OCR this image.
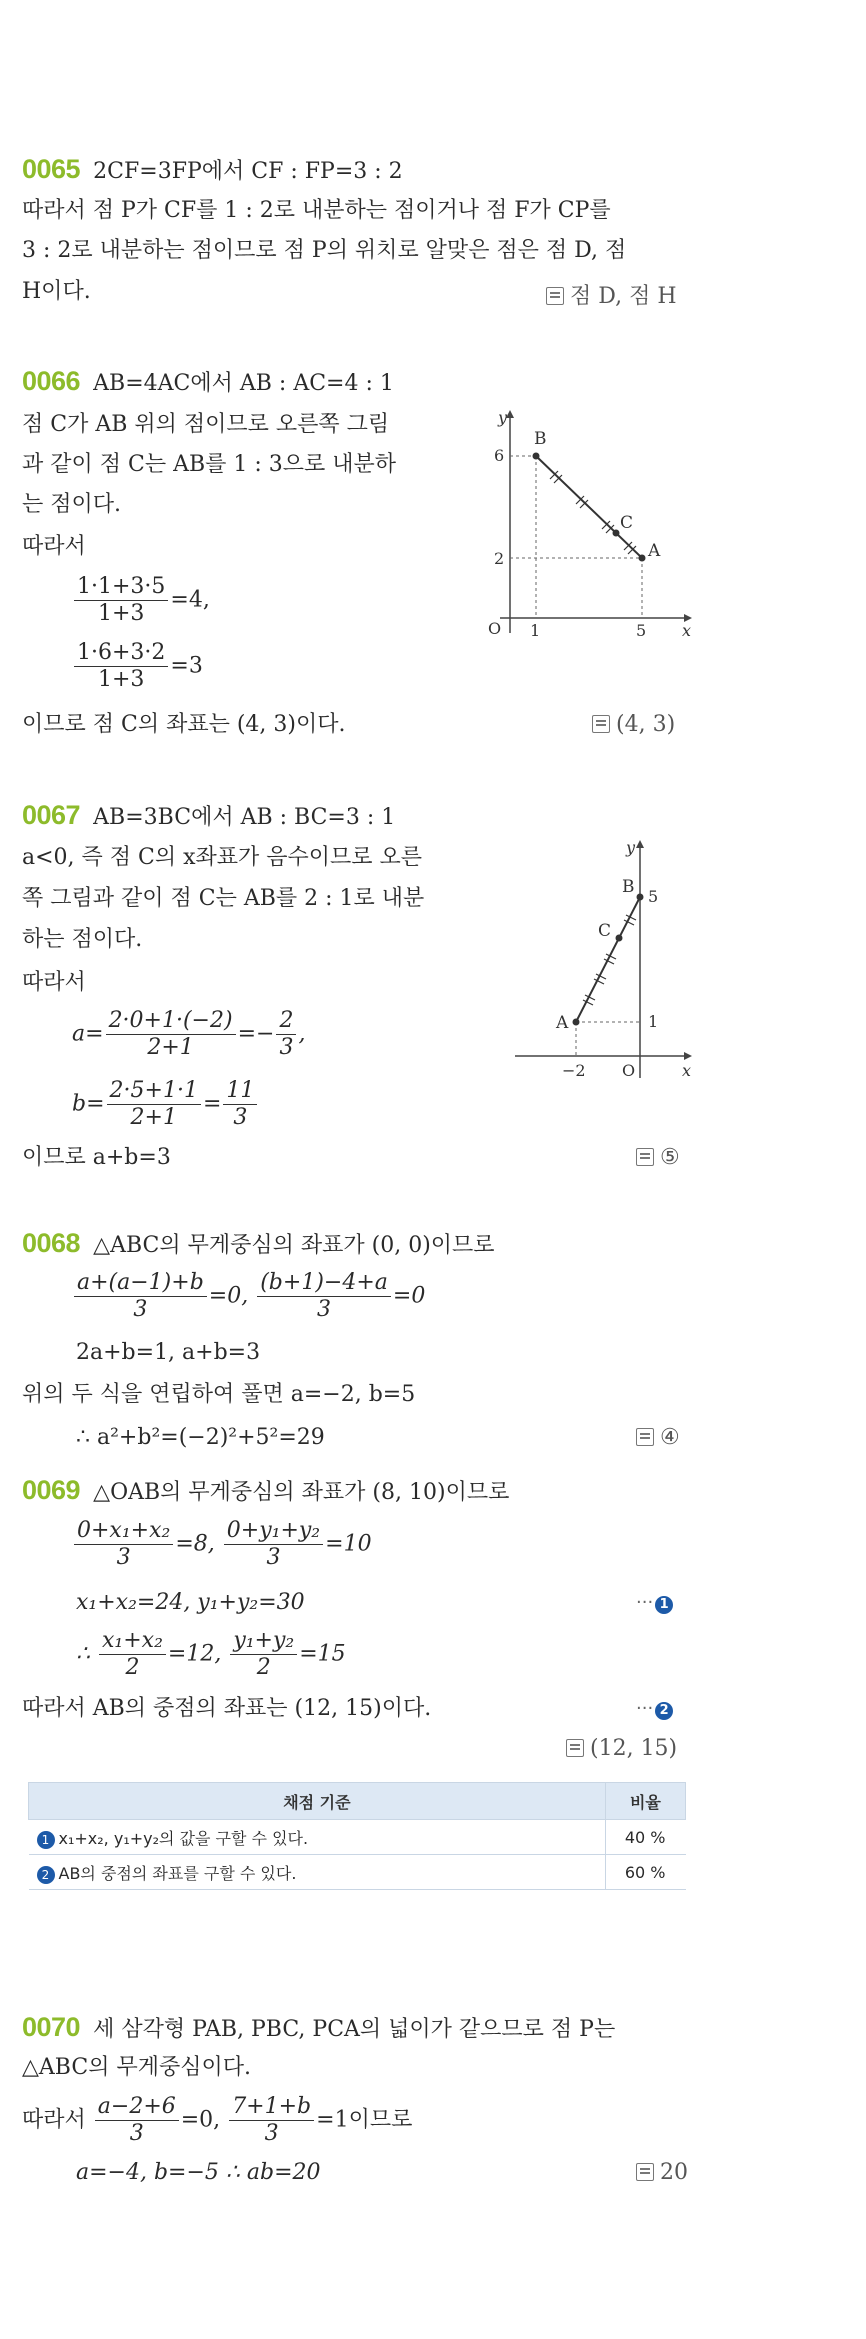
0065 2CF=3FP에서 CF : FP=3 : 2
따라서 점 P가 CF를 1 : 2로 내분하는 점이거나 점 F가 CP를
3 : 2로 내분하는 점이므로 점 P의 위치로 알맞은 점은 점 D, 점
H이다.	점 D, 점 H
0066 AB=4AC에서 AB : AC=4 : 1
점 C가 AB 위의 점이므로 오른쪽 그림
과 같이 점 C는 AB를 1 : 3으로 내분하
는 점이다.
따라서
$\frac{1\cdot 1+3\cdot 5}{1+3} =4$,
$\frac{1\cdot 6+3\cdot 2}{1+3} =3$
이므로 점 C의 좌표는 (4, 3)이다.	(4, 3)
y
x
O
6
2
1	5
B
C
A
0067 AB=3BC에서 AB : BC=3 : 1
a<0, 즉 점 C의 x좌표가 음수이므로 오른
쪽 그림과 같이 점 C는 AB를 2 : 1로 내분
하는 점이다.
따라서
$a= \frac{2\cdot 0+1\cdot(-2)}{2+1} =- \frac{2}{3}$ ,
$b= \frac{2\cdot 5+1\cdot 1}{2+1} = \frac{11}{3}$
이므로 a+b=3	⑤
y
x
O
5
1
−2
B
C
A
0068 △ABC의 무게중심의 좌표가 (0, 0)이므로
$\frac{a+(a-1)+b}{3} =0$, $\frac{(b+1)-4+a}{3} =0$
2a+b=1, a+b=3
위의 두 식을 연립하여 풀면 a=−2, b=5
∴ a²+b²=(−2)²+5²=29	④
0069 △OAB의 무게중심의 좌표가 (8, 10)이므로
$\frac{\text{0+x₁+x₂}}{3} =8$, $\frac{\text{0+y₁+y₂}}{3} =10$
x₁+x₂=24, y₁+y₂=30	··· 1
∴ $\frac{\text{x₁+x₂}}{2} =12$, $\frac{\text{y₁+y₂}}{2} =15$
따라서 AB의 중점의 좌표는 (12, 15)이다.	··· 2
(12, 15)
채점 기준	비율
1 x₁+x₂, y₁+y₂의 값을 구할 수 있다.	40 %
2 AB의 중점의 좌표를 구할 수 있다.	60 %
0070 세 삼각형 PAB, PBC, PCA의 넓이가 같으므로 점 P는
△ABC의 무게중심이다.
따라서 $\frac{a-2+6}{3} =0$, $\frac{7+1+b}{3} =1$이므로
a=−4, b=−5 ∴ ab=20	20
